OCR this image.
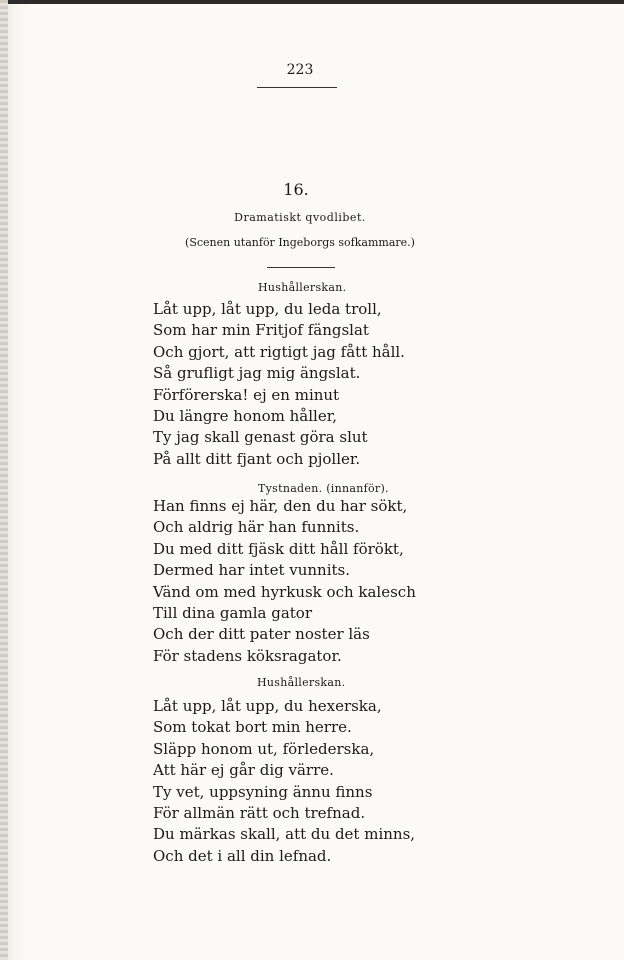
223
16.
Dramatiskt qvodlibet.
(Scenen utanför Ingeborgs sofkammare.)
Hushållerskan.
Låt upp, låt upp, du leda troll,
Som har min Fritjof fängslat
Och gjort, att rigtigt jag fått håll.
Så grufligt jag mig ängslat.
Förförerska! ej en minut
Du längre honom håller,
Ty jag skall genast göra slut
På allt ditt fjant och pjoller.
Tystnaden. (innanför).
Han finns ej här, den du har sökt,
Och aldrig här han funnits.
Du med ditt fjäsk ditt håll förökt,
Dermed har intet vunnits.
Vänd om med hyrkusk och kalesch
Till dina gamla gator
Och der ditt pater noster läs
För stadens köksragator.
Hushållerskan.
Låt upp, låt upp, du hexerska,
Som tokat bort min herre.
Släpp honom ut, förlederska,
Att här ej går dig värre.
Ty vet, uppsyning ännu finns
För allmän rätt och trefnad.
Du märkas skall, att du det minns,
Och det i all din lefnad.
